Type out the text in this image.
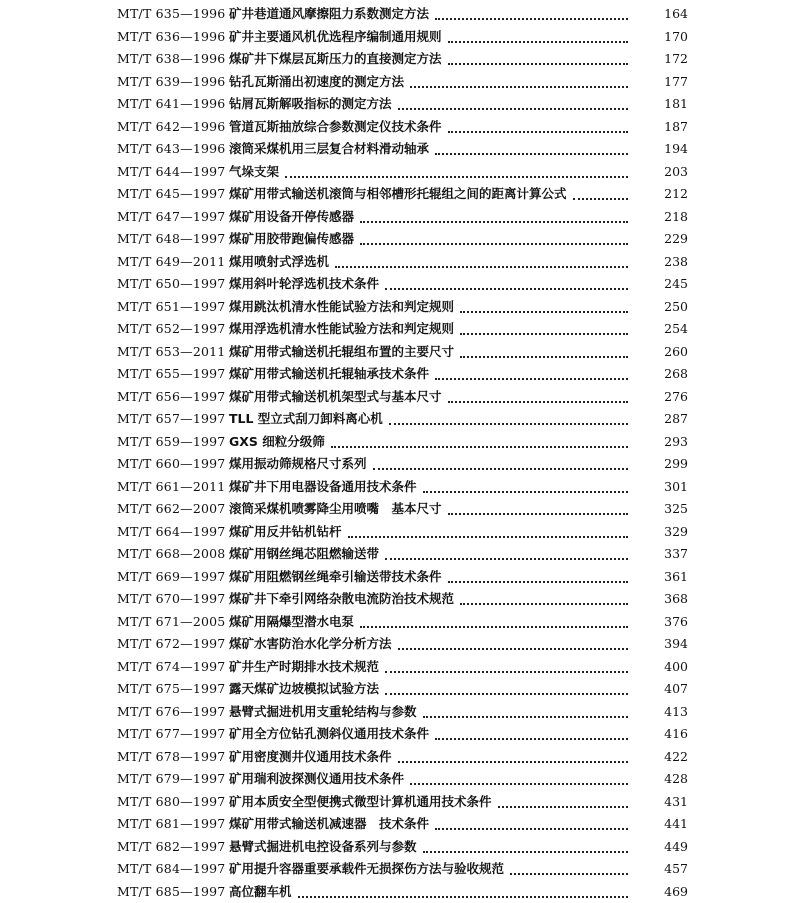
MT/T 635—1996 矿井巷道通风摩擦阻力系数测定方法	164
MT/T 636—1996 矿井主要通风机优选程序编制通用规则	170
MT/T 638—1996 煤矿井下煤层瓦斯压力的直接测定方法	172
MT/T 639—1996 钻孔瓦斯涌出初速度的测定方法	177
MT/T 641—1996 钻屑瓦斯解吸指标的测定方法	181
MT/T 642—1996 管道瓦斯抽放综合参数测定仪技术条件	187
MT/T 643—1996 滚筒采煤机用三层复合材料滑动轴承	194
MT/T 644—1997 气垛支架	203
MT/T 645—1997 煤矿用带式输送机滚筒与相邻槽形托辊组之间的距离计算公式	212
MT/T 647—1997 煤矿用设备开停传感器	218
MT/T 648—1997 煤矿用胶带跑偏传感器	229
MT/T 649—2011 煤用喷射式浮选机	238
MT/T 650—1997 煤用斜叶轮浮选机技术条件	245
MT/T 651—1997 煤用跳汰机清水性能试验方法和判定规则	250
MT/T 652—1997 煤用浮选机清水性能试验方法和判定规则	254
MT/T 653—2011 煤矿用带式输送机托辊组布置的主要尺寸	260
MT/T 655—1997 煤矿用带式输送机托辊轴承技术条件	268
MT/T 656—1997 煤矿用带式输送机机架型式与基本尺寸	276
MT/T 657—1997 TLL 型立式刮刀卸料离心机	287
MT/T 659—1997 GXS 细粒分级筛	293
MT/T 660—1997 煤用振动筛规格尺寸系列	299
MT/T 661—2011 煤矿井下用电器设备通用技术条件	301
MT/T 662—2007 滚筒采煤机喷雾降尘用喷嘴　基本尺寸	325
MT/T 664—1997 煤矿用反井钻机钻杆	329
MT/T 668—2008 煤矿用钢丝绳芯阻燃输送带	337
MT/T 669—1997 煤矿用阻燃钢丝绳牵引输送带技术条件	361
MT/T 670—1997 煤矿井下牵引网络杂散电流防治技术规范	368
MT/T 671—2005 煤矿用隔爆型潜水电泵	376
MT/T 672—1997 煤矿水害防治水化学分析方法	394
MT/T 674—1997 矿井生产时期排水技术规范	400
MT/T 675—1997 露天煤矿边坡模拟试验方法	407
MT/T 676—1997 悬臂式掘进机用支重轮结构与参数	413
MT/T 677—1997 矿用全方位钻孔测斜仪通用技术条件	416
MT/T 678—1997 矿用密度测井仪通用技术条件	422
MT/T 679—1997 矿用瑞利波探测仪通用技术条件	428
MT/T 680—1997 矿用本质安全型便携式微型计算机通用技术条件	431
MT/T 681—1997 煤矿用带式输送机减速器　技术条件	441
MT/T 682—1997 悬臂式掘进机电控设备系列与参数	449
MT/T 684—1997 矿用提升容器重要承载件无损探伤方法与验收规范	457
MT/T 685—1997 高位翻车机	469
